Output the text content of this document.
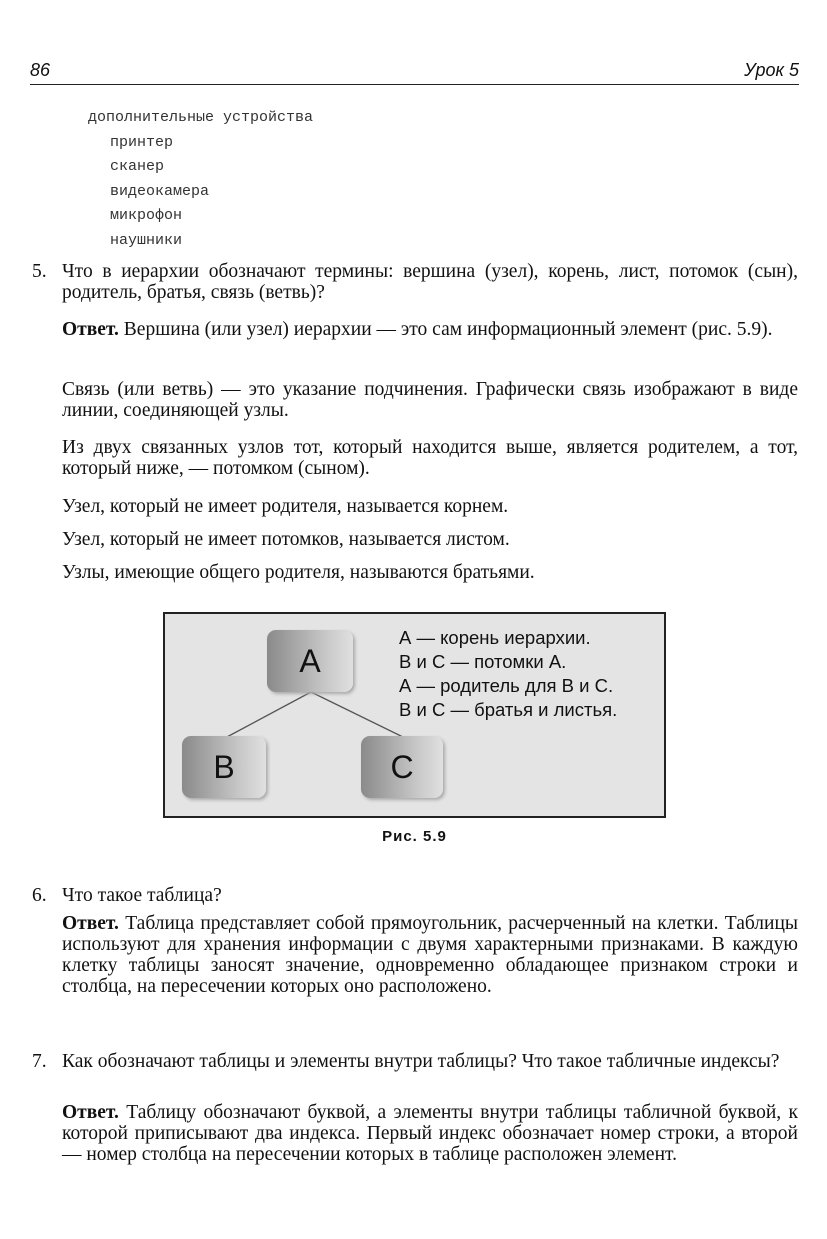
86	Урок 5
дополнительные устройства
принтер
сканер
видеокамера
микрофон
наушники
5. Что в иерархии обозначают термины: вершина (узел), корень, лист, потомок (сын), родитель, братья, связь (ветвь)?
Ответ. Вершина (или узел) иерархии — это сам информационный элемент (рис. 5.9).
Связь (или ветвь) — это указание подчинения. Графически связь изображают в виде линии, соединяющей узлы.
Из двух связанных узлов тот, который находится выше, является родителем, а тот, который ниже, — потомком (сыном).
Узел, который не имеет родителя, называется корнем.
Узел, который не имеет потомков, называется листом.
Узлы, имеющие общего родителя, называются братьями.
A
B	C
А — корень иерархии.
В и С — потомки А.
А — родитель для В и С.
В и С — братья и листья.
Рис. 5.9
6. Что такое таблица?
Ответ. Таблица представляет собой прямоугольник, расчерченный на клетки. Таблицы используют для хранения информации с двумя характерными признаками. В каждую клетку таблицы заносят значение, одновременно обладающее признаком строки и столбца, на пересечении которых оно расположено.
7. Как обозначают таблицы и элементы внутри таблицы? Что такое табличные индексы?
Ответ. Таблицу обозначают буквой, а элементы внутри таблицы табличной буквой, к которой приписывают два индекса. Первый индекс обозначает номер строки, а второй — номер столбца на пересечении которых в таблице расположен элемент.
